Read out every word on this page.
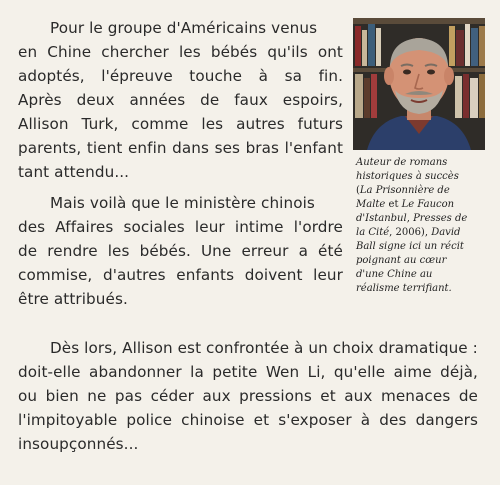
Pour le groupe d'Américains venus
en Chine chercher les bébés qu'ils ont
adoptés, l'épreuve touche à sa fin.
Après deux années de faux espoirs,
Allison Turk, comme les autres futurs
parents, tient enfin dans ses bras l'enfant
tant attendu...
Mais voilà que le ministère chinois
des Affaires sociales leur intime l'ordre
de rendre les bébés. Une erreur a été
commise, d'autres enfants doivent leur
être attribués.
Auteur de romans
historiques à succès
(La Prisonnière de
Malte et Le Faucon
d'Istanbul, Presses de
la Cité, 2006), David
Ball signe ici un récit
poignant au cœur
d'une Chine au
réalisme terrifiant.
Dès lors, Allison est confrontée à un choix dramatique :
doit-elle abandonner la petite Wen Li, qu'elle aime déjà,
ou bien ne pas céder aux pressions et aux menaces de
l'impitoyable police chinoise et s'exposer à des dangers
insoupçonnés...
